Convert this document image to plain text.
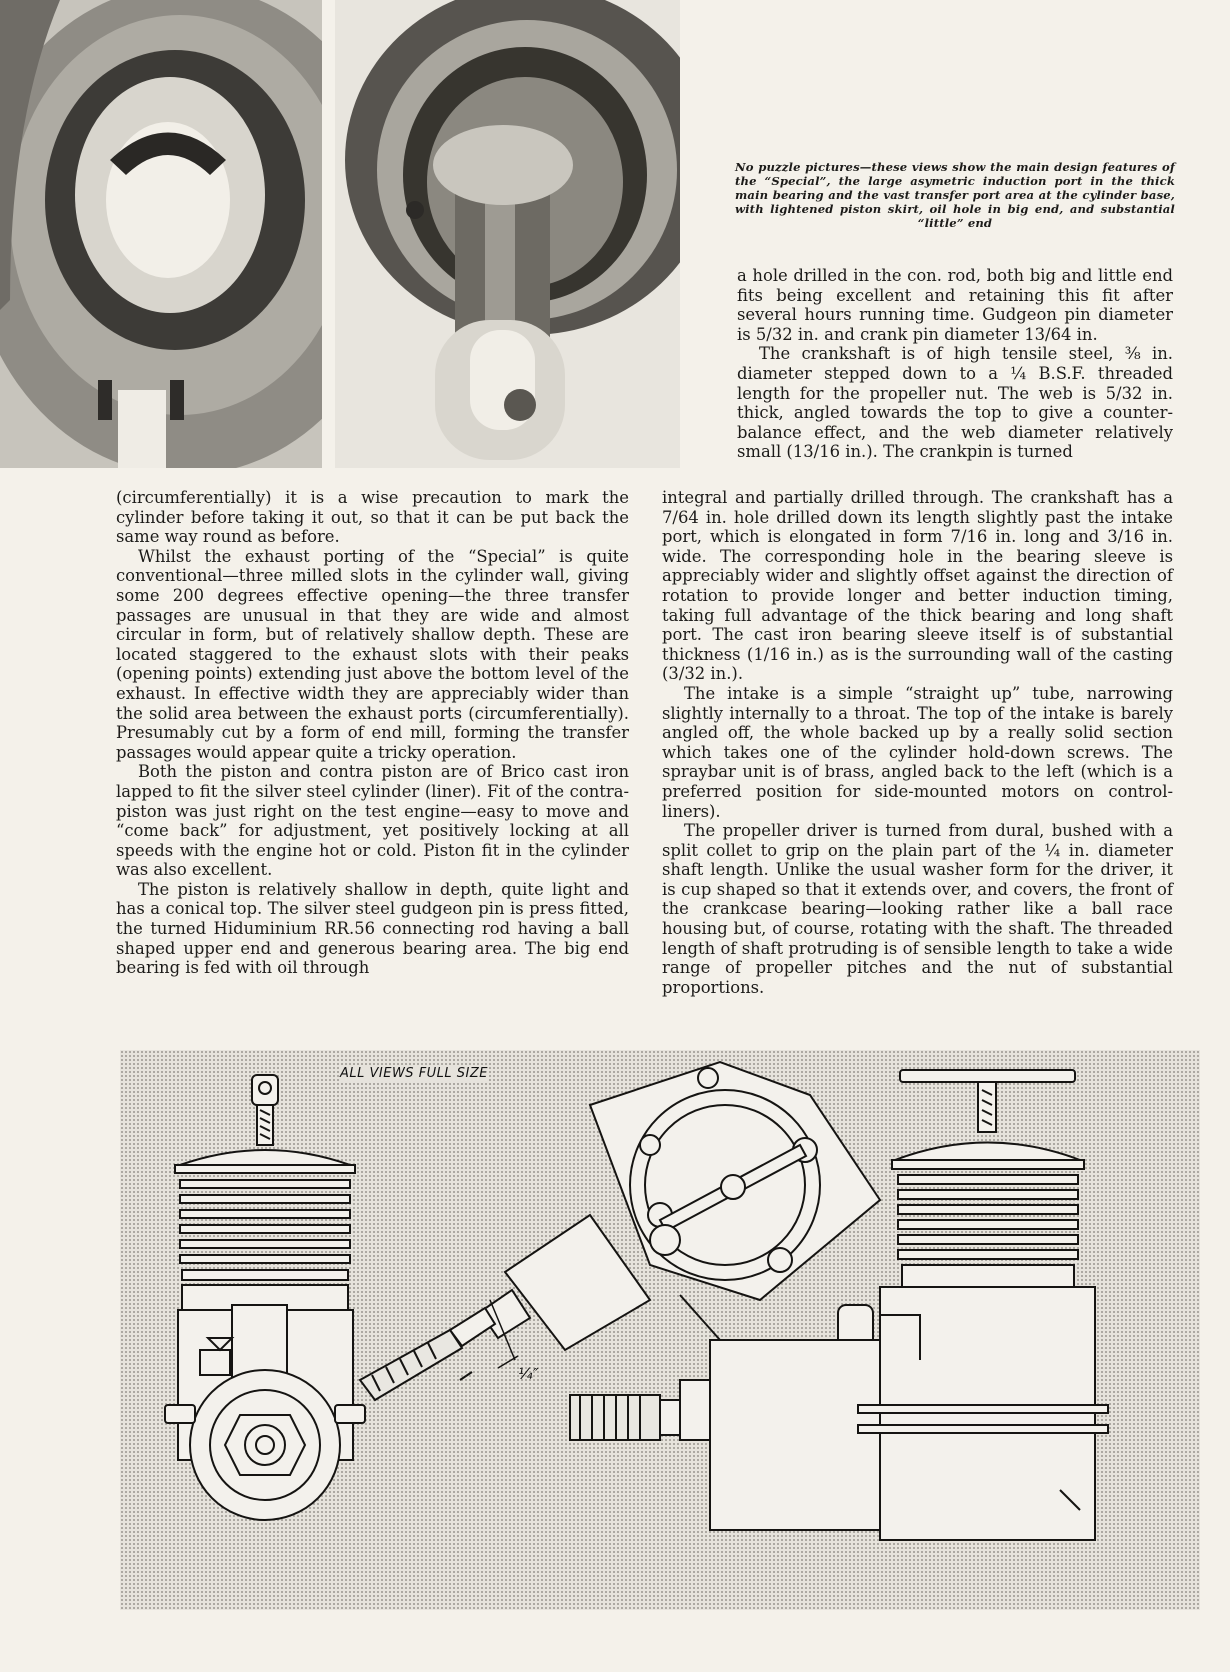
No puzzle pictures—these views show the main design features of the “Special”, the large asymetric induction port in the thick main bearing and the vast transfer port area at the cylinder base, with lightened piston skirt, oil hole in big end, and substantial “little” end

a hole drilled in the con. rod, both big and little end fits being excellent and retaining this fit after several hours running time. Gudgeon pin diameter is 5/32 in. and crank pin diameter 13/64 in.

The crankshaft is of high tensile steel, ⅜ in. diameter stepped down to a ¼ B.S.F. threaded length for the propeller nut. The web is 5/32 in. thick, angled towards the top to give a counter-balance effect, and the web diameter relatively small (13/16 in.). The crankpin is turned

(circumferentially) it is a wise precaution to mark the cylinder before taking it out, so that it can be put back the same way round as before.

Whilst the exhaust porting of the “Special” is quite conventional—three milled slots in the cylinder wall, giving some 200 degrees effective opening—the three transfer passages are unusual in that they are wide and almost circular in form, but of relatively shallow depth. These are located staggered to the exhaust slots with their peaks (opening points) extending just above the bottom level of the exhaust. In effective width they are appreciably wider than the solid area between the exhaust ports (circumferentially). Presumably cut by a form of end mill, forming the transfer passages would appear quite a tricky operation.

Both the piston and contra piston are of Brico cast iron lapped to fit the silver steel cylinder (liner). Fit of the contra-piston was just right on the test engine—easy to move and “come back” for adjustment, yet positively locking at all speeds with the engine hot or cold. Piston fit in the cylinder was also excellent.

The piston is relatively shallow in depth, quite light and has a conical top. The silver steel gudgeon pin is press fitted, the turned Hiduminium RR.56 connecting rod having a ball shaped upper end and generous bearing area. The big end bearing is fed with oil through

integral and partially drilled through. The crankshaft has a 7/64 in. hole drilled down its length slightly past the intake port, which is elongated in form 7/16 in. long and 3/16 in. wide. The corresponding hole in the bearing sleeve is appreciably wider and slightly offset against the direction of rotation to provide longer and better induction timing, taking full advantage of the thick bearing and long shaft port. The cast iron bearing sleeve itself is of substantial thickness (1/16 in.) as is the surrounding wall of the casting (3/32 in.).

The intake is a simple “straight up” tube, narrowing slightly internally to a throat. The top of the intake is barely angled off, the whole backed up by a really solid section which takes one of the cylinder hold-down screws. The spraybar unit is of brass, angled back to the left (which is a preferred position for side-mounted motors on control-liners).

The propeller driver is turned from dural, bushed with a split collet to grip on the plain part of the ¼ in. diameter shaft length. Unlike the usual washer form for the driver, it is cup shaped so that it extends over, and covers, the front of the crankcase bearing—looking rather like a ball race housing but, of course, rotating with the shaft. The threaded length of shaft protruding is of sensible length to take a wide range of propeller pitches and the nut of substantial proportions.

ALL VIEWS FULL SIZE
¼″
